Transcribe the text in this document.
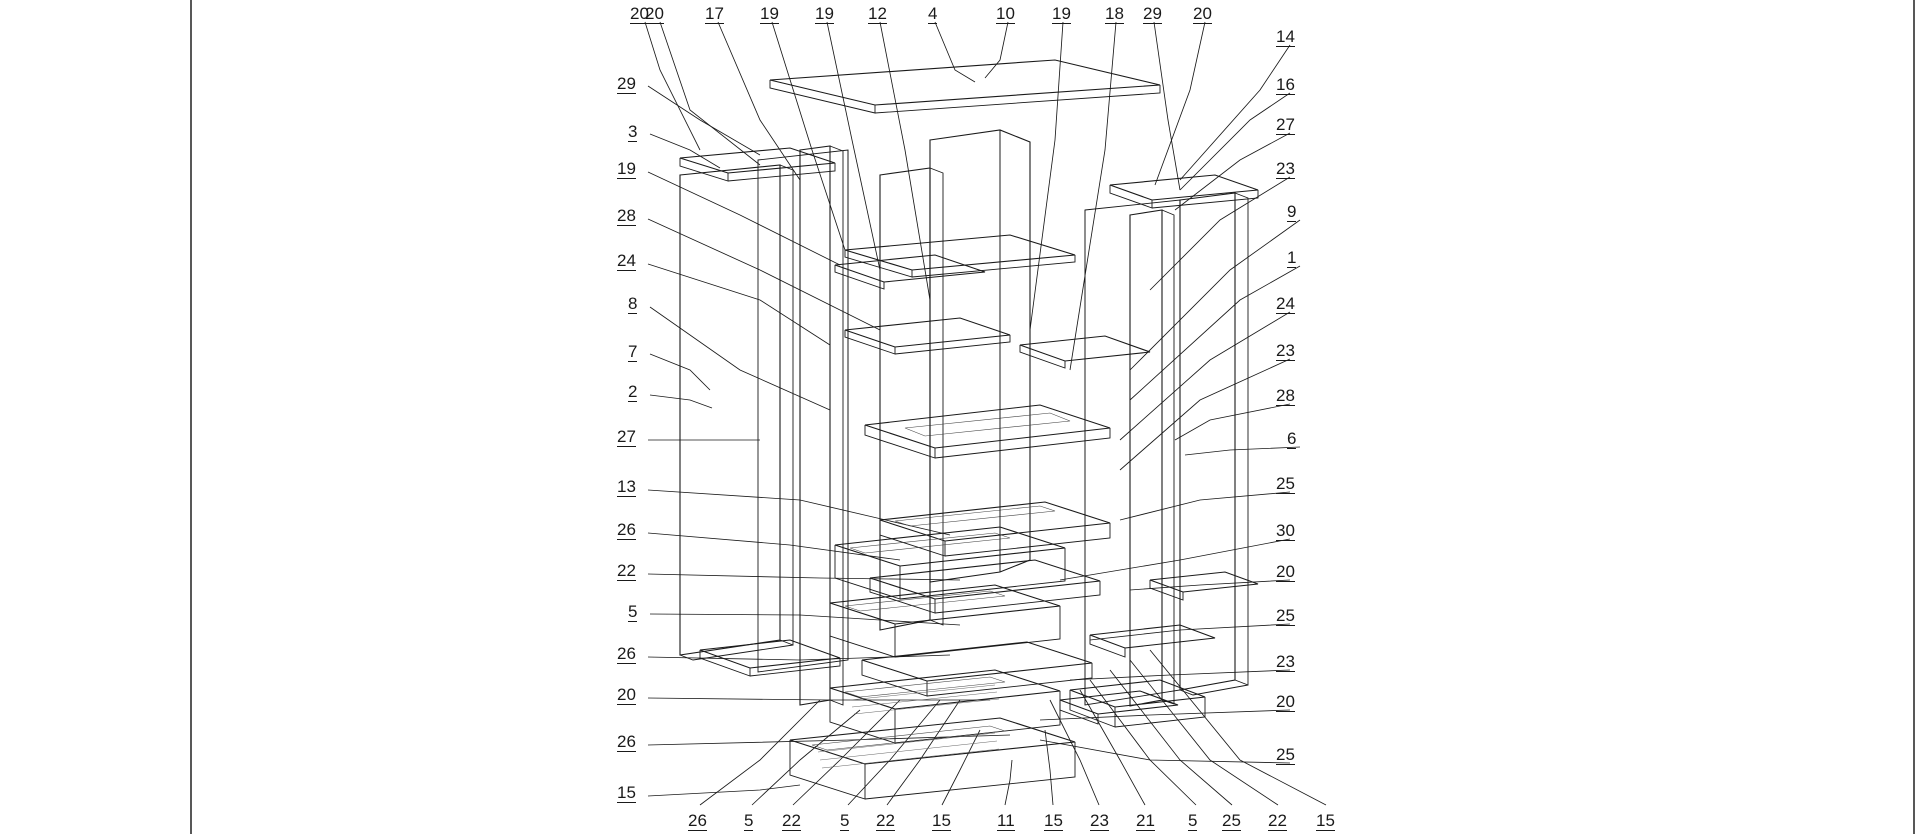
20 17 19 19 12 4	10 19 18 29
20
29
3
19
28
24
8
7
2
27
13
26
22
5
26
20
26
15
20
14
16
27
23
9
1
24
23
28
6
25
30
20
25
23
20
25
26 5 22 5 22 15	11 15 23 21 5 25 22 15
